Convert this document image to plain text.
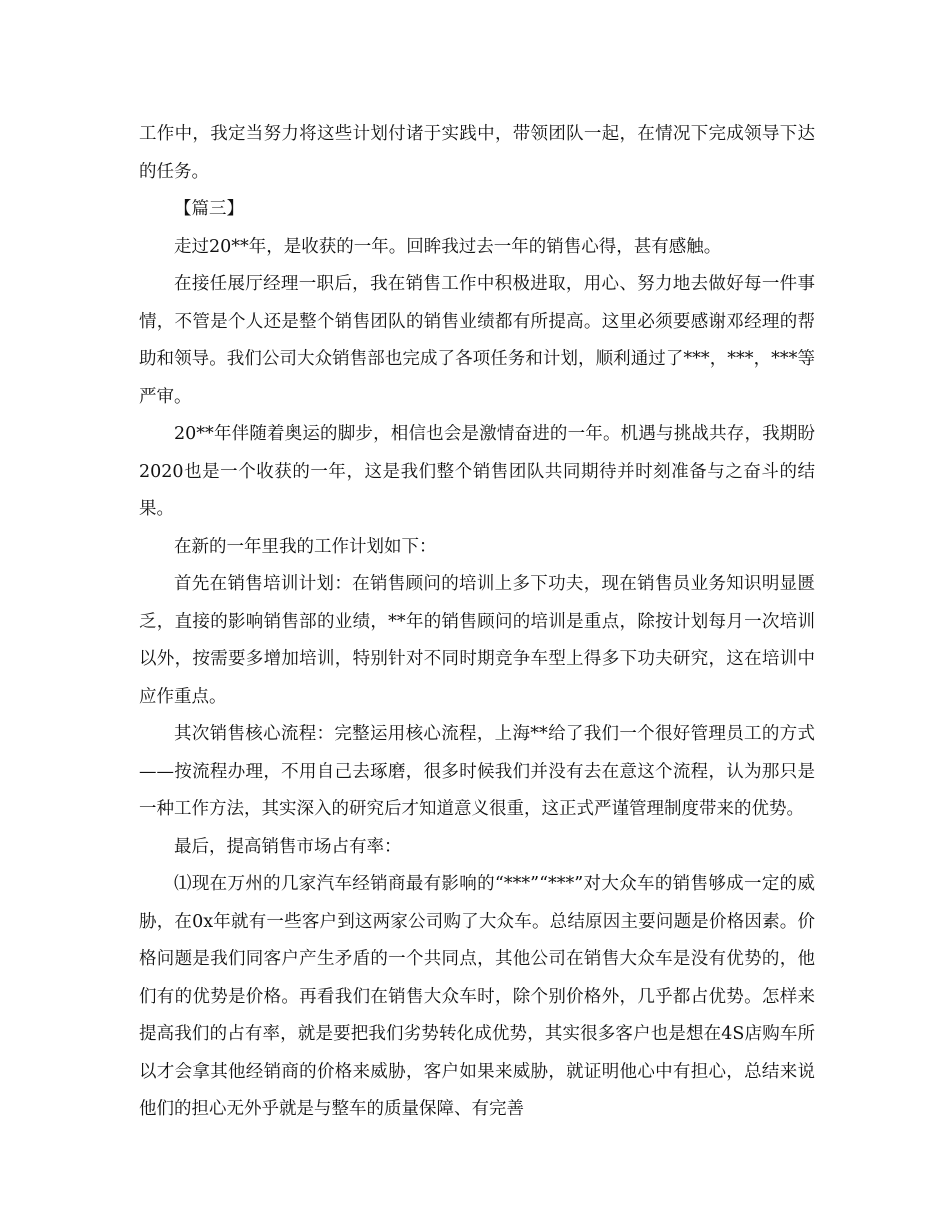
工作中，我定当努力将这些计划付诸于实践中，带领团队一起，在情况下完成领导下达的任务。

【篇三】

走过20**年，是收获的一年。回眸我过去一年的销售心得，甚有感触。

在接任展厅经理一职后，我在销售工作中积极进取，用心、努力地去做好每一件事情，不管是个人还是整个销售团队的销售业绩都有所提高。这里必须要感谢邓经理的帮助和领导。我们公司大众销售部也完成了各项任务和计划，顺利通过了***，***，***等严审。

20**年伴随着奥运的脚步，相信也会是激情奋进的一年。机遇与挑战共存，我期盼2020也是一个收获的一年，这是我们整个销售团队共同期待并时刻准备与之奋斗的结果。

在新的一年里我的工作计划如下：

首先在销售培训计划：在销售顾问的培训上多下功夫，现在销售员业务知识明显匮乏，直接的影响销售部的业绩，**年的销售顾问的培训是重点，除按计划每月一次培训以外，按需要多增加培训，特别针对不同时期竞争车型上得多下功夫研究，这在培训中应作重点。

其次销售核心流程：完整运用核心流程，上海**给了我们一个很好管理员工的方式——按流程办理，不用自己去琢磨，很多时候我们并没有去在意这个流程，认为那只是一种工作方法，其实深入的研究后才知道意义很重，这正式严谨管理制度带来的优势。

最后，提高销售市场占有率：

⑴现在万州的几家汽车经销商最有影响的“***”“***”对大众车的销售够成一定的威胁，在0x年就有一些客户到这两家公司购了大众车。总结原因主要问题是价格因素。价格问题是我们同客户产生矛盾的一个共同点，其他公司在销售大众车是没有优势的，他们有的优势是价格。再看我们在销售大众车时，除个别价格外，几乎都占优势。怎样来提高我们的占有率，就是要把我们劣势转化成优势，其实很多客户也是想在4S店购车所以才会拿其他经销商的价格来威胁，客户如果来威胁，就证明他心中有担心，总结来说他们的担心无外乎就是与整车的质量保障、有完善
